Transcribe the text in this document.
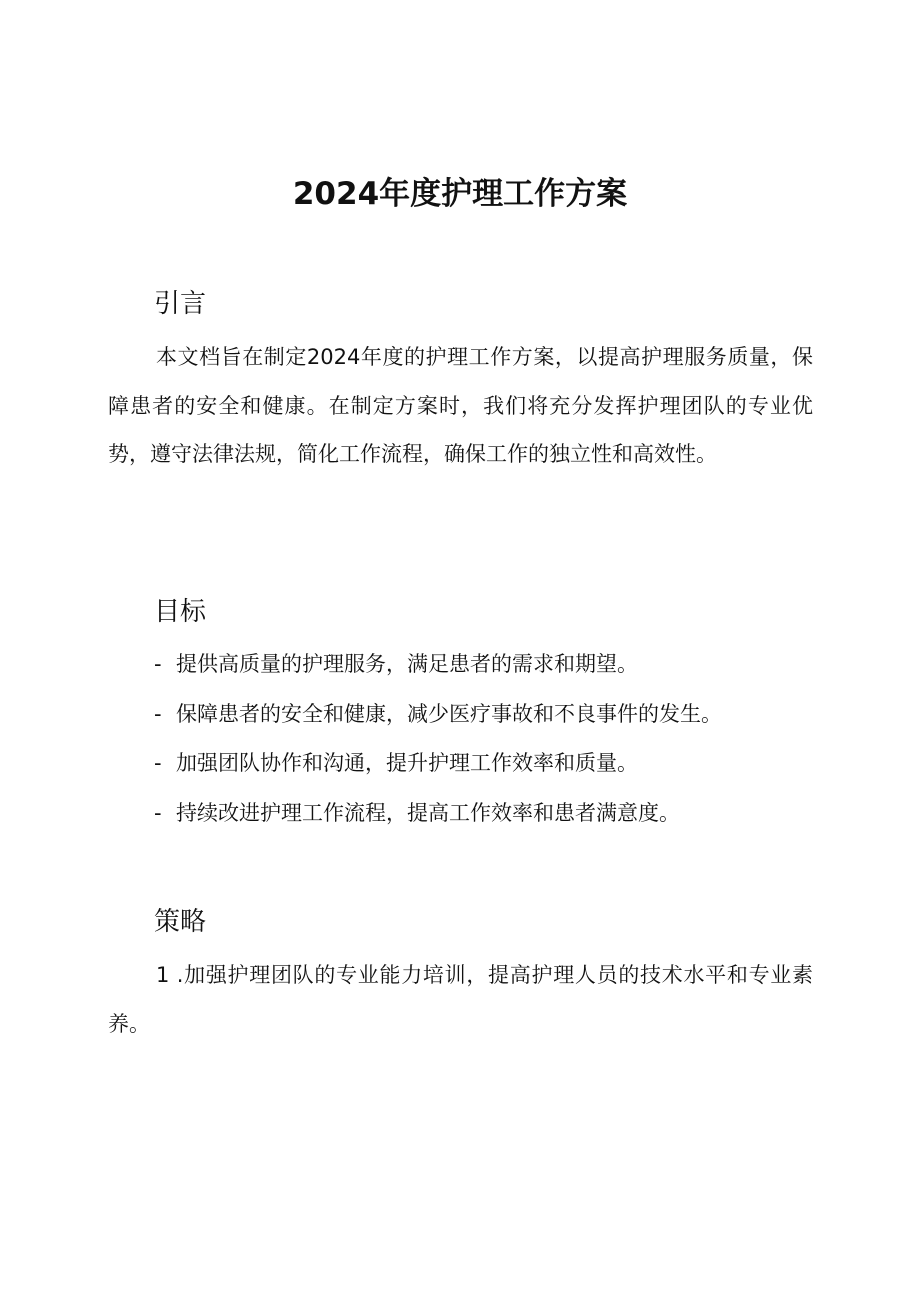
2024年度护理工作方案
引言

本文档旨在制定2024年度的护理工作方案，以提高护理服务质量，保障患者的安全和健康。在制定方案时，我们将充分发挥护理团队的专业优势，遵守法律法规，简化工作流程，确保工作的独立性和高效性。

目标
- 提供高质量的护理服务，满足患者的需求和期望。
- 保障患者的安全和健康，减少医疗事故和不良事件的发生。
- 加强团队协作和沟通，提升护理工作效率和质量。
- 持续改进护理工作流程，提高工作效率和患者满意度。
策略

1 .加强护理团队的专业能力培训，提高护理人员的技术水平和专业素养。
